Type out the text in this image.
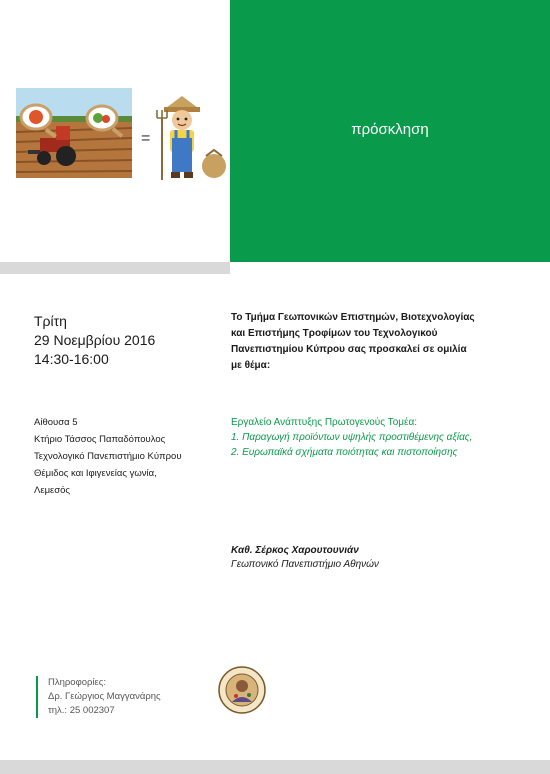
πρόσκληση
=
Τρίτη
29 Νοεμβρίου 2016
14:30-16:00
Αίθουσα 5
Κτήριο Τάσσος Παπαδόπουλος
Τεχνολογικό Πανεπιστήμιο Κύπρου
Θέμιδος και Ιφιγενείας γωνία,
Λεμεσός
Το Τμήμα Γεωπονικών Επιστημών, Βιοτεχνολογίας
και Επιστήμης Τροφίμων του Τεχνολογικού
Πανεπιστημίου Κύπρου σας προσκαλεί σε ομιλία
με θέμα:
Εργαλείο Ανάπτυξης Πρωτογενούς Τομέα:
1. Παραγωγή προϊόντων υψηλής προστιθέμενης αξίας,
2. Ευρωπαϊκά σχήματα ποιότητας και πιστοποίησης
Καθ. Σέρκος Χαρουτουνιάν
Γεωπονικό Πανεπιστήμιο Αθηνών
Πληροφορίες:
Δρ. Γεώργιος Μαγγανάρης
τηλ.: 25 002307
